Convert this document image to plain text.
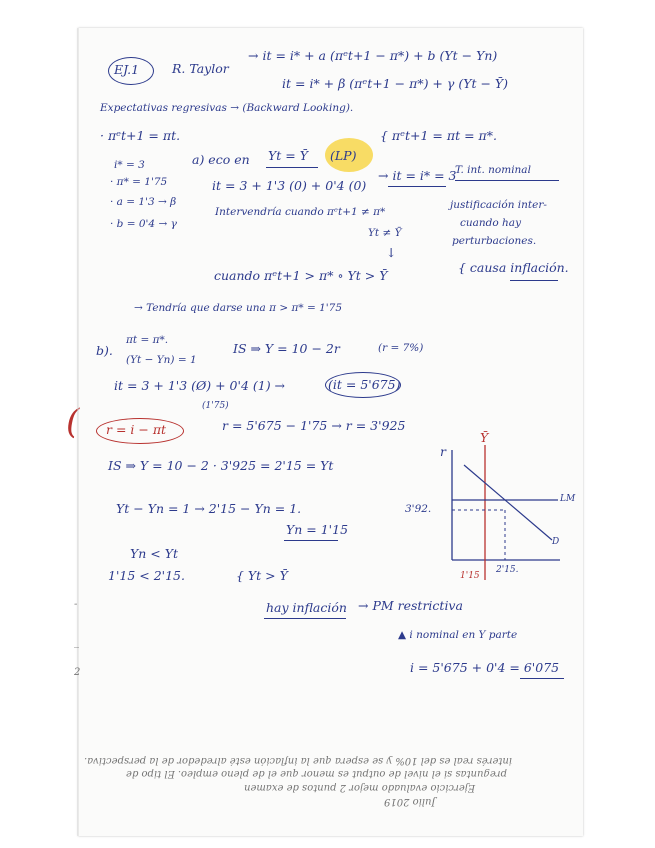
EJ.1	R. Taylor
→ it = i* + a (πᵉt+1 − π*) + b (Yt − Yn)
it = i* + β (πᵉt+1 − π*) + γ (Yt − Ȳ)
Expectativas regresivas → (Backward Looking).
· πᵉt+1 = πt.
i* = 3
· π* = 1'75
· a = 1'3 → β
· b = 0'4 → γ
a) eco en Yt = Ȳ (LP)
{ πᵉt+1 = πt = π*.
it = 3 + 1'3 (0) + 0'4 (0)
→ it = i* = 3
T. int. nominal
Intervendría cuando πᵉt+1 ≠ π*
Yt ≠ Ȳ
justificación inter-
cuando hay
perturbaciones.
↓
cuando πᵉt+1 > π* ∘ Yt > Ȳ
{ causa inflación.
→ Tendría que darse una π > π* = 1'75
b).
πt = π*.
(Yt − Yn) = 1
IS ⇒ Y = 10 − 2r	(r = 7%)
it = 3 + 1'3 (Ø) + 0'4 (1) →	(it = 5'675)
(1'75)
r = i − πt
(	r = 5'675 − 1'75 → r = 3'925
IS ⇒ Y = 10 − 2 · 3'925 = 2'15 = Yt
Yt − Yn = 1 → 2'15 − Yn = 1.
Yn = 1'15
Yn < Yt
1'15 < 2'15.	{ Yt > Ȳ
hay inflación → PM restrictiva
▲ i nominal en Y parte
i = 5'675 + 0'4 = 6'075
r
Ȳ
LM
D
3'92.
1'15
2'15.
-
‾
2
Ejercicio evaluado mejor 2 puntos de examen
preguntas si el nivel de output es menor que el de pleno empleo. El tipo de
interés real es del 10% y se espera que la inflación esté alrededor de la perspectiva.
Julio 2019
